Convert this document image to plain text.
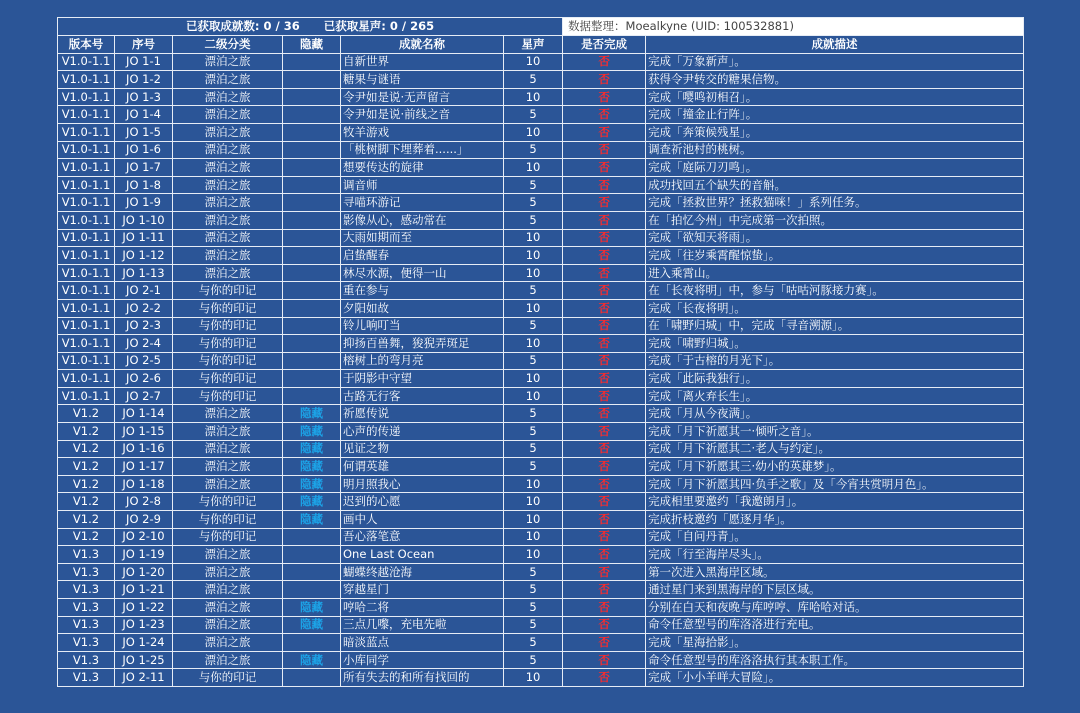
已获取成就数: 0 / 36 已获取星声: 0 / 265						数据整理：Moealkyne (UID: 100532881)	
版本号	序号	二级分类	隐藏	成就名称	星声	是否完成	成就描述
V1.0-1.1	JO 1-1	漂泊之旅		自新世界	10	否	完成「万象新声」。
V1.0-1.1	JO 1-2	漂泊之旅		糖果与谜语	5	否	获得令尹转交的糖果信物。
V1.0-1.1	JO 1-3	漂泊之旅		令尹如是说·无声留言	10	否	完成「嘤鸣初相召」。
V1.0-1.1	JO 1-4	漂泊之旅		令尹如是说·前线之音	5	否	完成「撞金止行阵」。
V1.0-1.1	JO 1-5	漂泊之旅		牧羊游戏	10	否	完成「奔策候残星」。
V1.0-1.1	JO 1-6	漂泊之旅		「桃树脚下埋葬着......」	5	否	调查祈池村的桃树。
V1.0-1.1	JO 1-7	漂泊之旅		想要传达的旋律	10	否	完成「庭际刀刃鸣」。
V1.0-1.1	JO 1-8	漂泊之旅		调音师	5	否	成功找回五个缺失的音斛。
V1.0-1.1	JO 1-9	漂泊之旅		寻喵环游记	5	否	完成「拯救世界？拯救猫咪！」系列任务。
V1.0-1.1	JO 1-10	漂泊之旅		影像从心，感动常在	5	否	在「拍忆今州」中完成第一次拍照。
V1.0-1.1	JO 1-11	漂泊之旅		大雨如期而至	10	否	完成「欲知天将雨」。
V1.0-1.1	JO 1-12	漂泊之旅		启蛰醒春	10	否	完成「往岁乘霄醒惊蛰」。
V1.0-1.1	JO 1-13	漂泊之旅		林尽水源，便得一山	10	否	进入乘霄山。
V1.0-1.1	JO 2-1	与你的印记		重在参与	5	否	在「长夜将明」中，参与「咕咕河豚接力赛」。
V1.0-1.1	JO 2-2	与你的印记		夕阳如故	10	否	完成「长夜将明」。
V1.0-1.1	JO 2-3	与你的印记		铃儿响叮当	5	否	在「啸野归城」中，完成「寻音溯源」。
V1.0-1.1	JO 2-4	与你的印记		抑扬百兽舞，狻猊弄斑足	10	否	完成「啸野归城」。
V1.0-1.1	JO 2-5	与你的印记		榕树上的弯月亮	5	否	完成「于古榕的月光下」。
V1.0-1.1	JO 2-6	与你的印记		于阴影中守望	10	否	完成「此际我独行」。
V1.0-1.1	JO 2-7	与你的印记		古路无行客	10	否	完成「离火弃长生」。
V1.2	JO 1-14	漂泊之旅	隐藏	祈愿传说	5	否	完成「月从今夜满」。
V1.2	JO 1-15	漂泊之旅	隐藏	心声的传递	5	否	完成「月下祈愿其一·倾听之音」。
V1.2	JO 1-16	漂泊之旅	隐藏	见证之物	5	否	完成「月下祈愿其二·老人与约定」。
V1.2	JO 1-17	漂泊之旅	隐藏	何谓英雄	5	否	完成「月下祈愿其三·幼小的英雄梦」。
V1.2	JO 1-18	漂泊之旅	隐藏	明月照我心	10	否	完成「月下祈愿其四·负手之歌」及「今宵共赏明月色」。
V1.2	JO 2-8	与你的印记	隐藏	迟到的心愿	10	否	完成相里要邀约「我邀朗月」。
V1.2	JO 2-9	与你的印记	隐藏	画中人	10	否	完成折枝邀约「愿逐月华」。
V1.2	JO 2-10	与你的印记		吾心落笔意	10	否	完成「自问丹青」。
V1.3	JO 1-19	漂泊之旅		One Last Ocean	10	否	完成「行至海岸尽头」。
V1.3	JO 1-20	漂泊之旅		蝴蝶终越沧海	5	否	第一次进入黑海岸区域。
V1.3	JO 1-21	漂泊之旅		穿越星门	5	否	通过星门来到黑海岸的下层区域。
V1.3	JO 1-22	漂泊之旅	隐藏	哼哈二将	5	否	分别在白天和夜晚与库哼哼、库哈哈对话。
V1.3	JO 1-23	漂泊之旅	隐藏	三点几嚟，充电先啦	5	否	命令任意型号的库洛洛进行充电。
V1.3	JO 1-24	漂泊之旅		暗淡蓝点	5	否	完成「星海拾影」。
V1.3	JO 1-25	漂泊之旅	隐藏	小库同学	5	否	命令任意型号的库洛洛执行其本职工作。
V1.3	JO 2-11	与你的印记		所有失去的和所有找回的	10	否	完成「小小羊咩大冒险」。
